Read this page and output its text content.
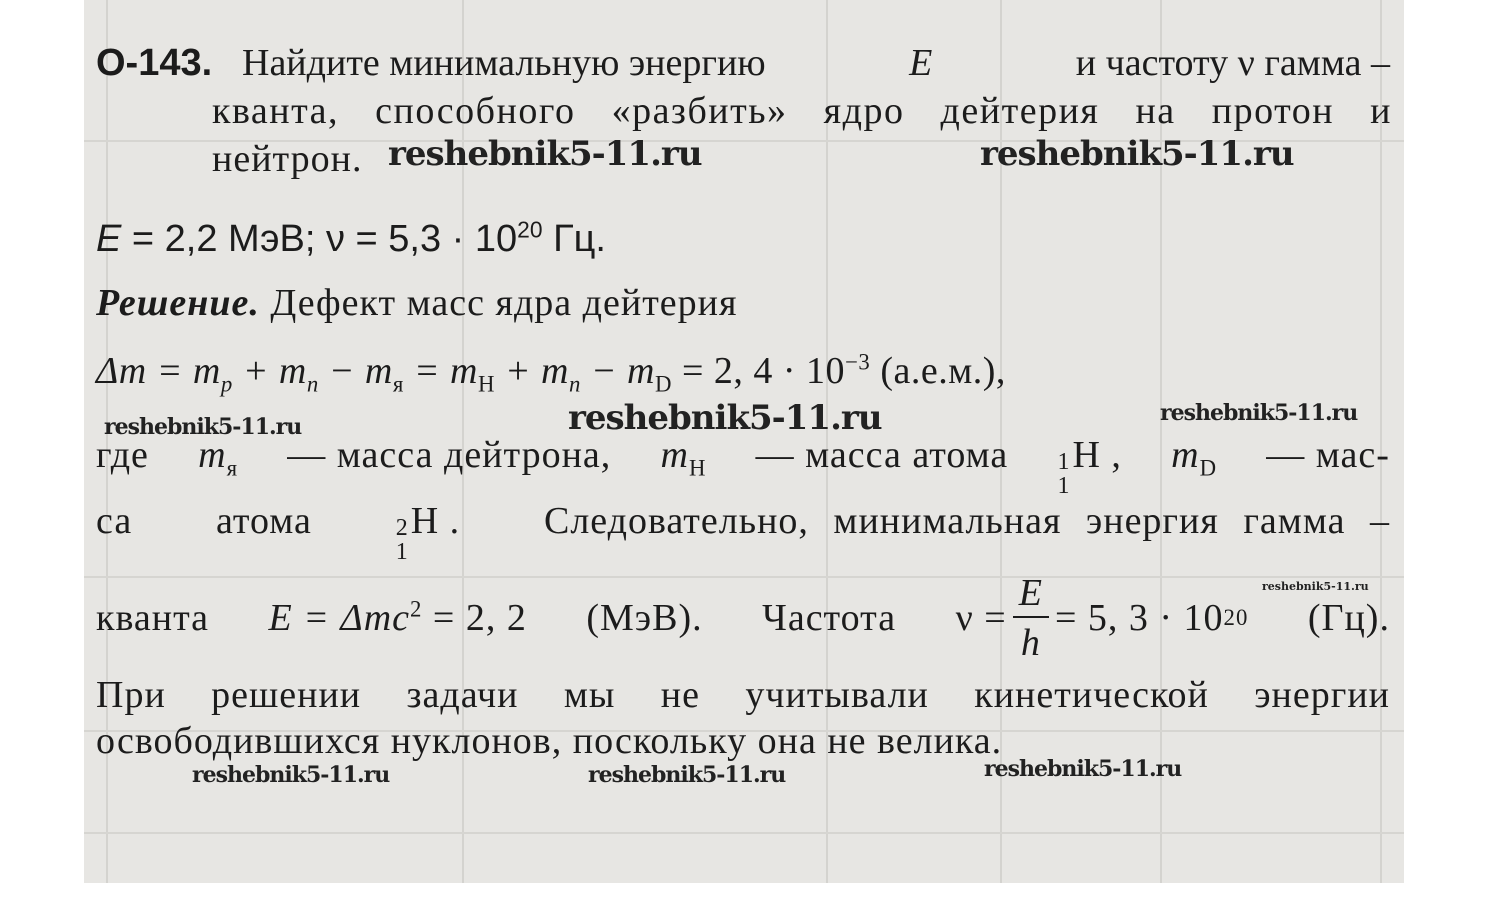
О-143. Найдите минимальную энергию	E	и частоту ν гамма –
кванта, способного «разбить» ядро дейтерия на протон и
нейтрон.
E = 2,2 МэВ; $\nu = 5,3 \cdot 10^{20}$ Гц.
Решение. Дефект масс ядра дейтерия
$\Delta m = m_p + m_n - m_я = m_H + m_n - m_D = 2$, $4 \cdot 10^{-3}$ (а.е.м.),
где $m_я$ — масса дейтрона, $m_H$ — масса атома 1
1
H , $m_D$ — мас-
са атома	2
1
H . Следовательно, минимальная энергия гамма –
кванта E = Δmc$^2$ = 2, 2 (МэВ). Частота $\nu = \frac{E}{h} = 5$, 3 · 10 20 (Гц).
При решении задачи мы не учитывали кинетической энергии
освободившихся нуклонов, поскольку она не велика.
reshebnik5-11.ru	reshebnik5-11.ru
reshebnik5-11.ru	reshebnik5-11.ru	reshebnik5-11.ru
reshebnik5-11.ru
reshebnik5-11.ru	reshebnik5-11.ru	reshebnik5-11.ru
